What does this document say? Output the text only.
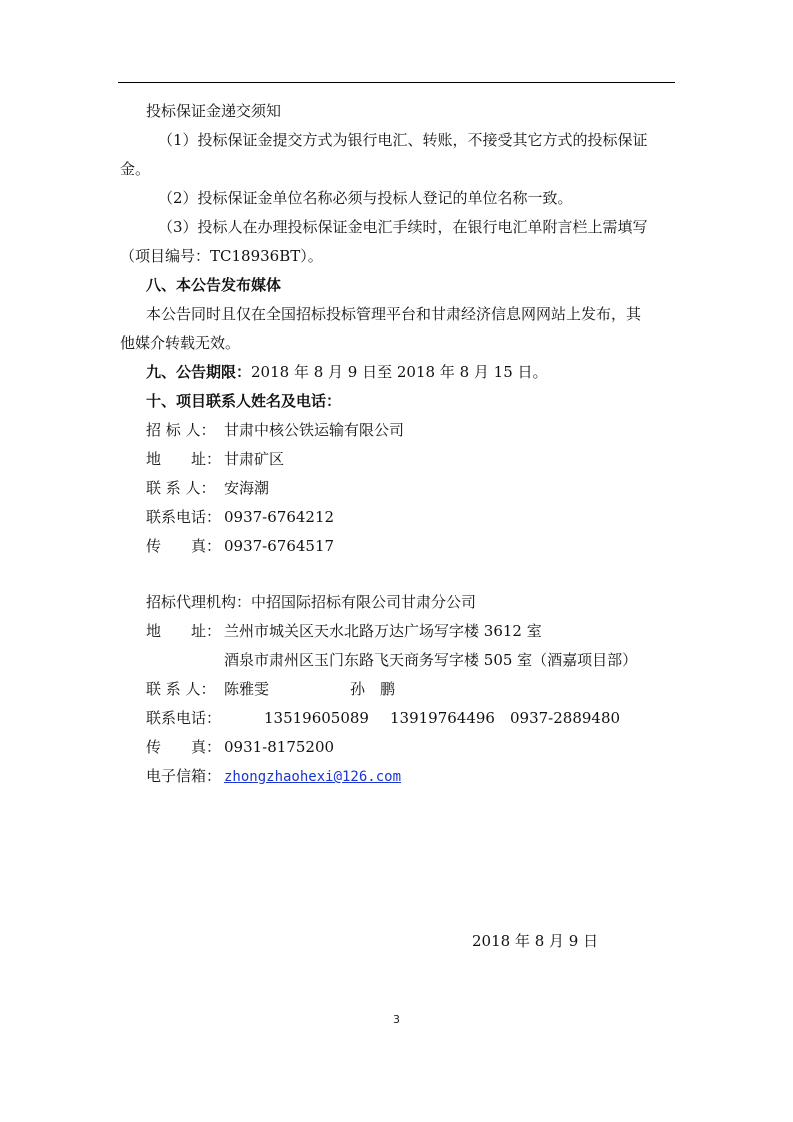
投标保证金递交须知
（1）投标保证金提交方式为银行电汇、转账，不接受其它方式的投标保证
金。
（2）投标保证金单位名称必须与投标人登记的单位名称一致。
（3）投标人在办理投标保证金电汇手续时，在银行电汇单附言栏上需填写
（项目编号：TC18936BT）。
八、本公告发布媒体
本公告同时且仅在全国招标投标管理平台和甘肃经济信息网网站上发布，其
他媒介转载无效。
九、公告期限：2018 年 8 月 9 日至 2018 年 8 月 15 日。
十、项目联系人姓名及电话：
招 标 人： 甘肃中核公铁运输有限公司
地　　址： 甘肃矿区
联 系 人： 安海潮
联系电话： 0937-6764212
传　　真： 0937-6764517
招标代理机构： 中招国际招标有限公司甘肃分公司
地　　址： 兰州市城关区天水北路万达广场写字楼 3612 室
酒泉市肃州区玉门东路飞天商务写字楼 505 室（酒嘉项目部）
联 系 人： 陈雅雯	孙　鹏
联系电话：	13519605089	13919764496	0937-2889480
传　　真： 0931-8175200
电子信箱： zhongzhaohexi@126.com
2018 年 8 月 9 日
3
